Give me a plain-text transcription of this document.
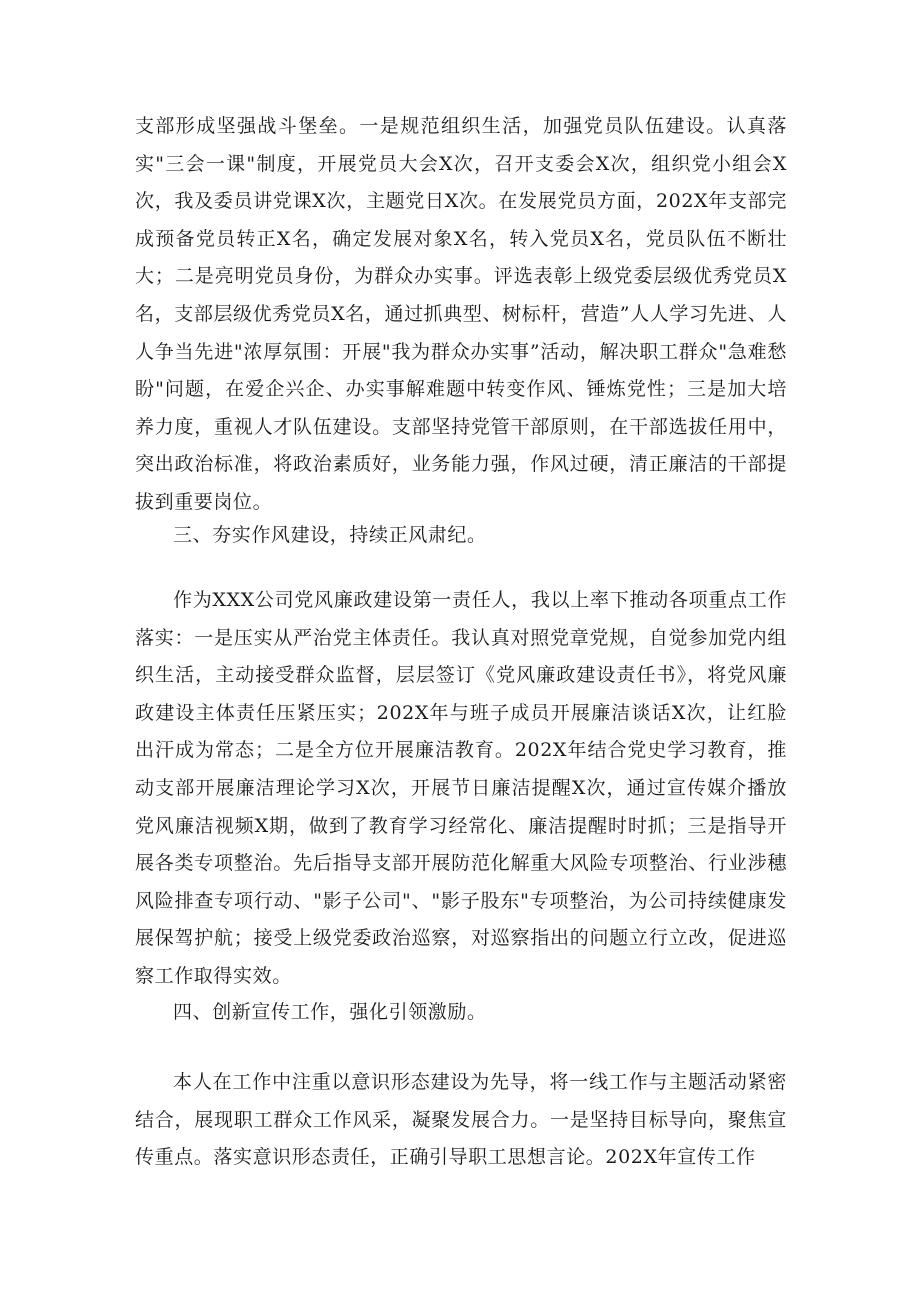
支部形成坚强战斗堡垒。一是规范组织生活，加强党员队伍建设。认真落实"三会一课"制度，开展党员大会X次，召开支委会X次，组织党小组会X次，我及委员讲党课X次，主题党日X次。在发展党员方面，202X年支部完成预备党员转正X名，确定发展对象X名，转入党员X名，党员队伍不断壮大；二是亮明党员身份，为群众办实事。评选表彰上级党委层级优秀党员X名，支部层级优秀党员X名，通过抓典型、树标杆，营造”人人学习先进、人人争当先进"浓厚氛围：开展"我为群众办实事”活动，解决职工群众"急难愁盼"问题，在爱企兴企、办实事解难题中转变作风、锤炼党性；三是加大培养力度，重视人才队伍建设。支部坚持党管干部原则，在干部选拔任用中，突出政治标准，将政治素质好，业务能力强，作风过硬，清正廉洁的干部提拔到重要岗位。

三、夯实作风建设，持续正风肃纪。

作为XXX公司党风廉政建设第一责任人，我以上率下推动各项重点工作落实：一是压实从严治党主体责任。我认真对照党章党规，自觉参加党内组织生活，主动接受群众监督，层层签订《党风廉政建设责任书》，将党风廉政建设主体责任压紧压实；202X年与班子成员开展廉洁谈话X次，让红脸出汗成为常态；二是全方位开展廉洁教育。202X年结合党史学习教育，推动支部开展廉洁理论学习X次，开展节日廉洁提醒X次，通过宣传媒介播放党风廉洁视频X期，做到了教育学习经常化、廉洁提醒时时抓；三是指导开展各类专项整治。先后指导支部开展防范化解重大风险专项整治、行业涉穗风险排查专项行动、"影子公司"、"影子股东"专项整治，为公司持续健康发展保驾护航；接受上级党委政治巡察，对巡察指出的问题立行立改，促进巡察工作取得实效。

四、创新宣传工作，强化引领激励。

本人在工作中注重以意识形态建设为先导，将一线工作与主题活动紧密结合，展现职工群众工作风采，凝聚发展合力。一是坚持目标导向，聚焦宣传重点。落实意识形态责任，正确引导职工思想言论。202X年宣传工作
